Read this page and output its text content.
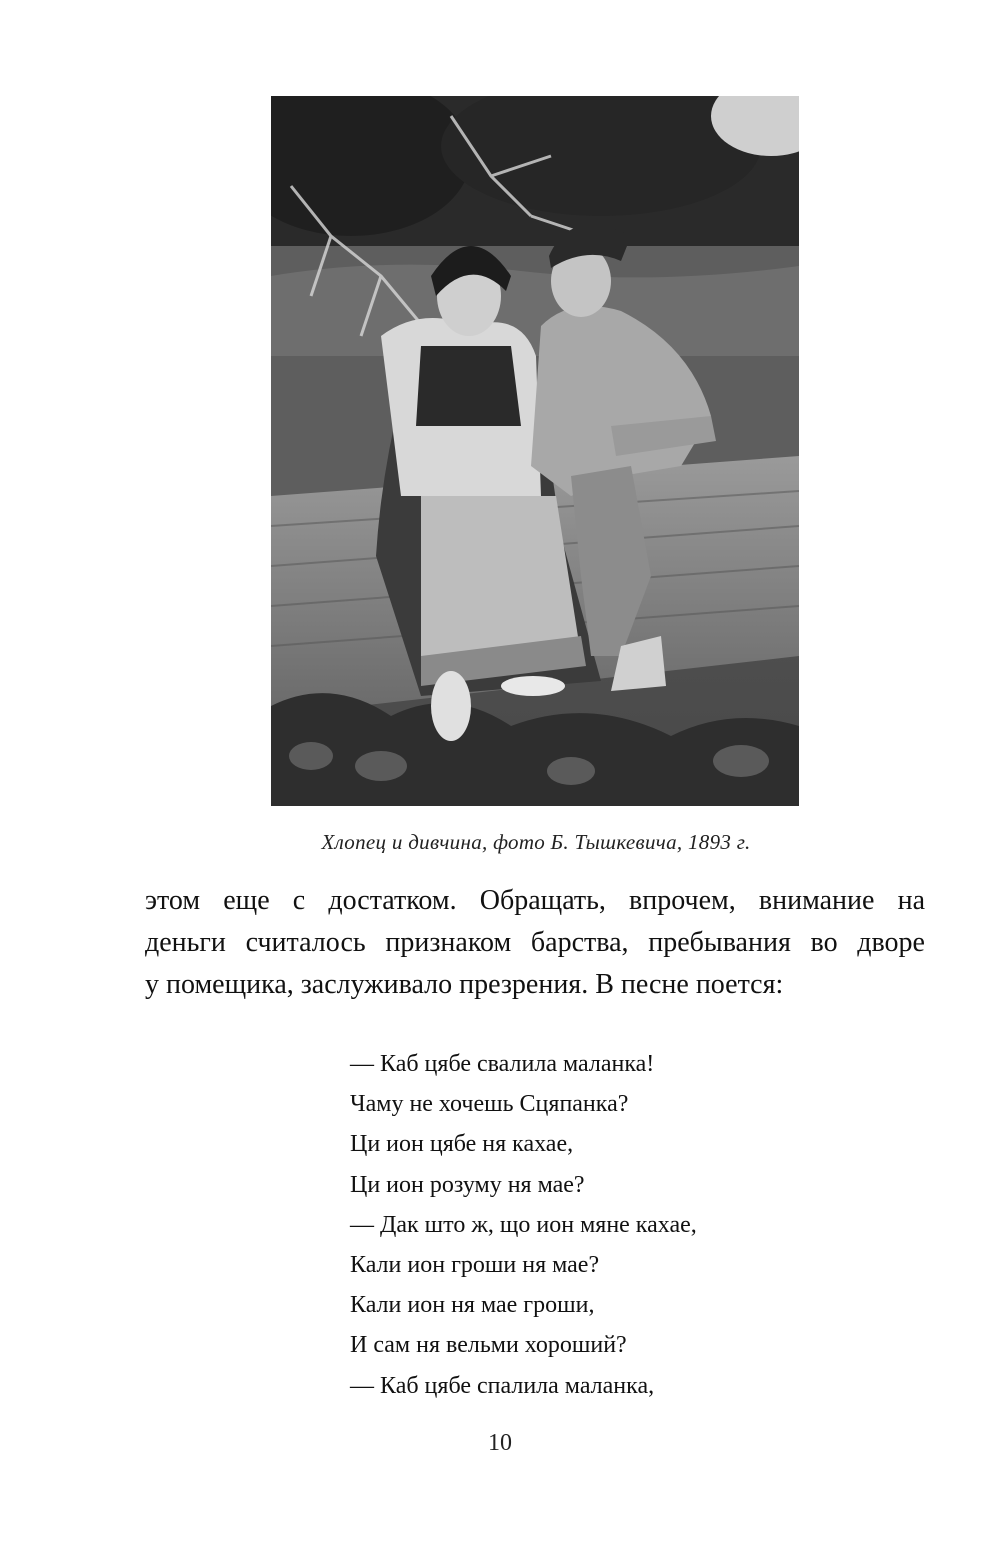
Хлопец и дивчина, фото Б. Тышкевича, 1893 г.

этом еще с достатком. Обращать, впрочем, внимание на

деньги считалось признаком барства, пребывания во дворе

у помещика, заслуживало презрения. В песне поется:

— Каб цябе свалила маланка!
Чаму не хочешь Сцяпанка?
Ци ион цябе ня кахае,
Ци ион розуму ня мае?
— Дак што ж, що ион мяне кахае,
Кали ион гроши ня мае?
Кали ион ня мае гроши,
И сам ня вельми хороший?
— Каб цябе спалила маланка,
10
